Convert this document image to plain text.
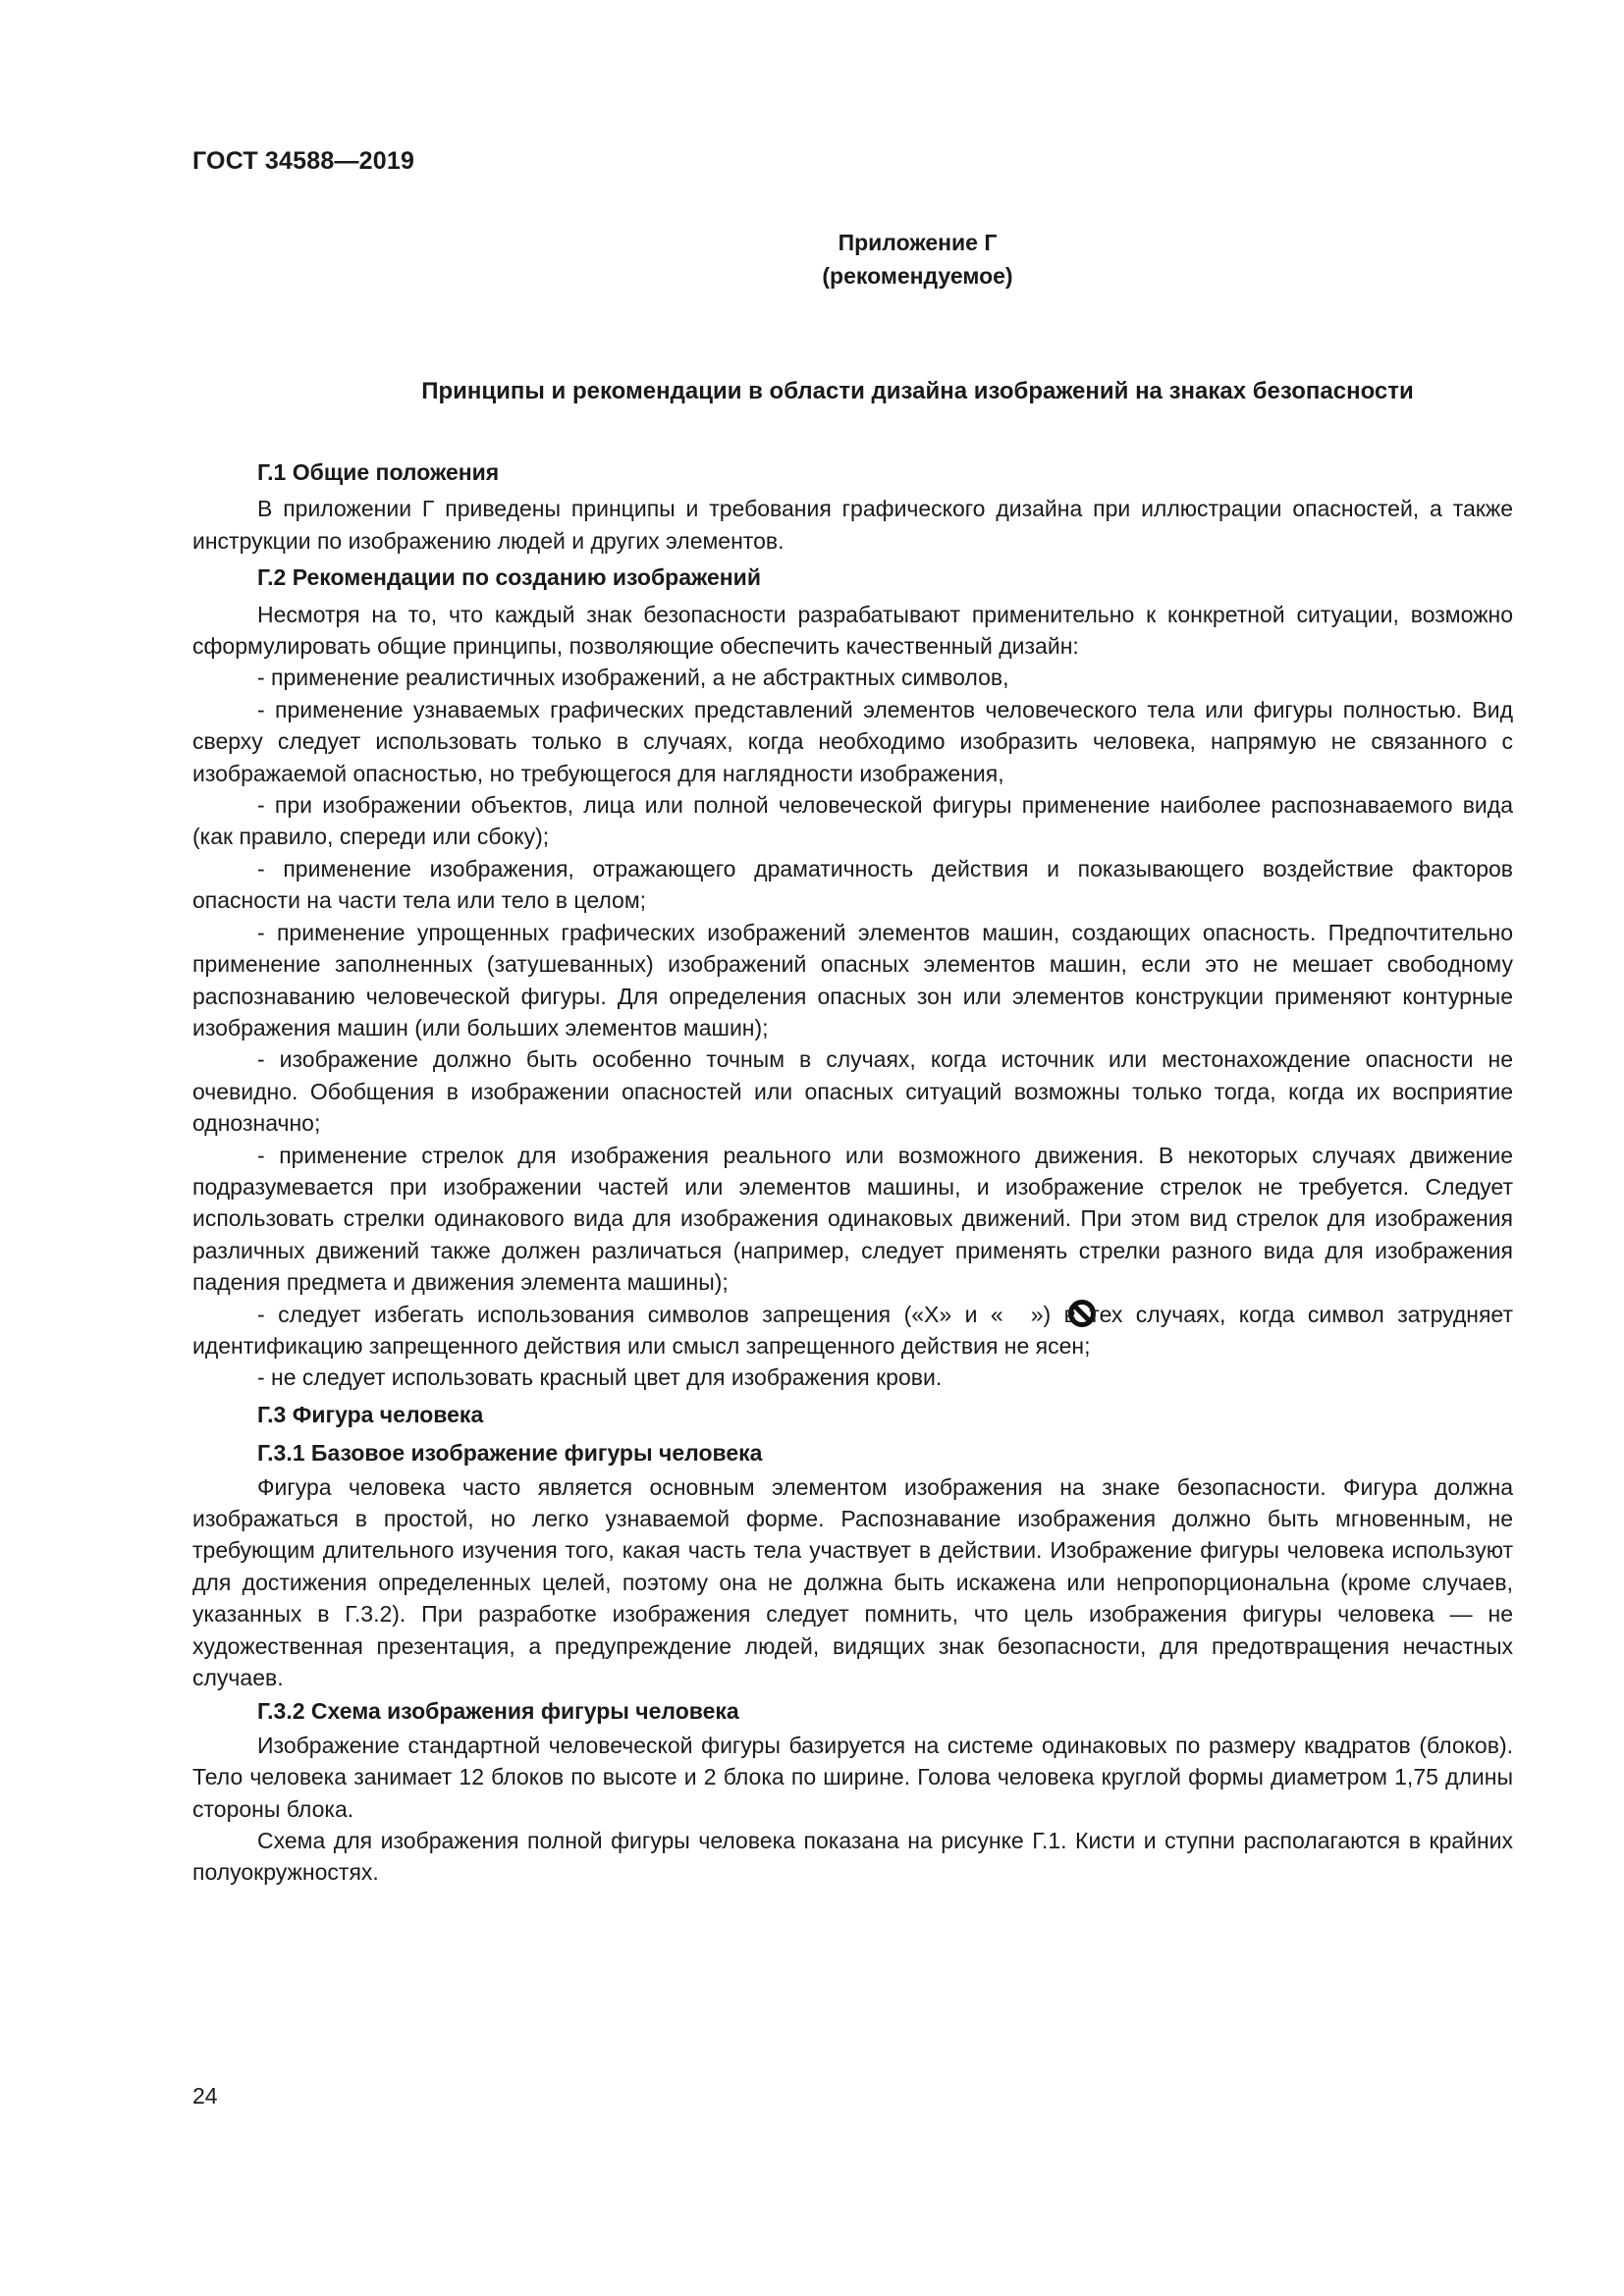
ГОСТ 34588—2019
Приложение Г
(рекомендуемое)
Принципы и рекомендации в области дизайна изображений на знаках безопасности

Г.1 Общие положения

В приложении Г приведены принципы и требования графического дизайна при иллюстрации опасностей, а также инструкции по изображению людей и других элементов.

Г.2 Рекомендации по созданию изображений

Несмотря на то, что каждый знак безопасности разрабатывают применительно к конкретной ситуации, возможно сформулировать общие принципы, позволяющие обеспечить качественный дизайн:

- применение реалистичных изображений, а не абстрактных символов,

- применение узнаваемых графических представлений элементов человеческого тела или фигуры полностью. Вид сверху следует использовать только в случаях, когда необходимо изобразить человека, напрямую не связанного с изображаемой опасностью, но требующегося для наглядности изображения,

- при изображении объектов, лица или полной человеческой фигуры применение наиболее распознаваемого вида (как правило, спереди или сбоку);

- применение изображения, отражающего драматичность действия и показывающего воздействие факторов опасности на части тела или тело в целом;

- применение упрощенных графических изображений элементов машин, создающих опасность. Предпочтительно применение заполненных (затушеванных) изображений опасных элементов машин, если это не мешает свободному распознаванию человеческой фигуры. Для определения опасных зон или элементов конструкции применяют контурные изображения машин (или больших элементов машин);

- изображение должно быть особенно точным в случаях, когда источник или местонахождение опасности не очевидно. Обобщения в изображении опасностей или опасных ситуаций возможны только тогда, когда их восприятие однозначно;

- применение стрелок для изображения реального или возможного движения. В некоторых случаях движение подразумевается при изображении частей или элементов машины, и изображение стрелок не требуется. Следует использовать стрелки одинакового вида для изображения одинаковых движений. При этом вид стрелок для изображения различных движений также должен различаться (например, следует применять стрелки разного вида для изображения падения предмета и движения элемента машины);

- следует избегать использования символов запрещения («Х» и « ») в тех случаях, когда символ затрудняет идентификацию запрещенного действия или смысл запрещенного действия не ясен;

- не следует использовать красный цвет для изображения крови.

Г.3 Фигура человека

Г.3.1 Базовое изображение фигуры человека

Фигура человека часто является основным элементом изображения на знаке безопасности. Фигура должна изображаться в простой, но легко узнаваемой форме. Распознавание изображения должно быть мгновенным, не требующим длительного изучения того, какая часть тела участвует в действии. Изображение фигуры человека используют для достижения определенных целей, поэтому она не должна быть искажена или непропорциональна (кроме случаев, указанных в Г.3.2). При разработке изображения следует помнить, что цель изображения фигуры человека — не художественная презентация, а предупреждение людей, видящих знак безопасности, для предотвращения нечастных случаев.

Г.3.2 Схема изображения фигуры человека

Изображение стандартной человеческой фигуры базируется на системе одинаковых по размеру квадратов (блоков). Тело человека занимает 12 блоков по высоте и 2 блока по ширине. Голова человека круглой формы диаметром 1,75 длины стороны блока.

Схема для изображения полной фигуры человека показана на рисунке Г.1. Кисти и ступни располагаются в крайних полуокружностях.

24
